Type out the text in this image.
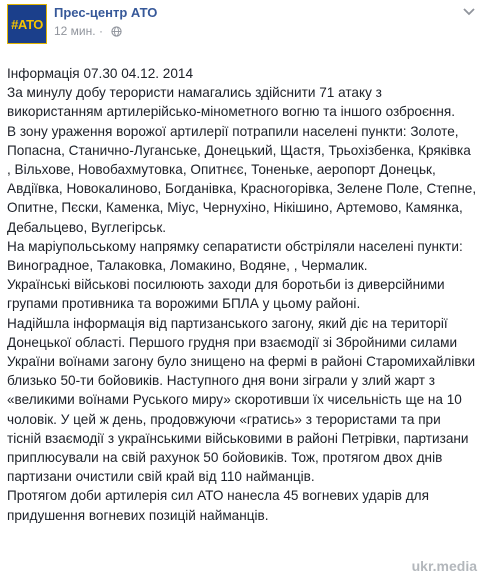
#АТО
Прес-центр АТО
12 мин. ·

Інформація 07.30 04.12. 2014

За минулу добу терористи намагались здійснити 71 атаку з використанням артилерійсько-мінометного вогню та іншого озброєння.

В зону ураження ворожої артилерії потрапили населені пункти: Золоте, Попасна, Станично-Луганське, Донецький, Щастя, Трьохізбенка, Кряківка , Вільхове, Новобахмутовка, Опитнєє, Тоненьке, аеропорт Донецьк, Авдіївка, Новокалиново, Богданівка, Красногорівка, Зелене Поле, Степне, Опитне, Пєски, Каменка, Міус, Чернухіно, Нікішино, Артемово, Камянка, Дебальцево, Вуглегірськ.

На маріупольському напрямку сепаратисти обстріляли населені пункти: Виноградное, Талаковка, Ломакино, Водяне, , Чермалик.

Українські військові посилюють заходи для боротьби із диверсійними групами противника та ворожими БПЛА у цьому районі.

Надійшла інформація від партизанського загону, який діє на території Донецької області. Першого грудня при взаємодії зі Збройними силами України воїнами загону було знищено на фермі в районі Старомихайлівки близько 50-ти бойовиків. Наступного дня вони зіграли у злий жарт з «великими воїнами Руського миру» скоротивши їх чисельність ще на 10 чоловік. У цей ж день, продовжуючи «гратись» з терористами та при тісній взаємодії з українськими військовими в районі Петрівки, партизани приплюсували на свій рахунок 50 бойовиків. Тож, протягом двох днів партизани очистили свій край від 110 найманців.

Протягом доби артилерія сил АТО нанесла 45 вогневих ударів для придушення вогневих позицій найманців.

ukr.media
